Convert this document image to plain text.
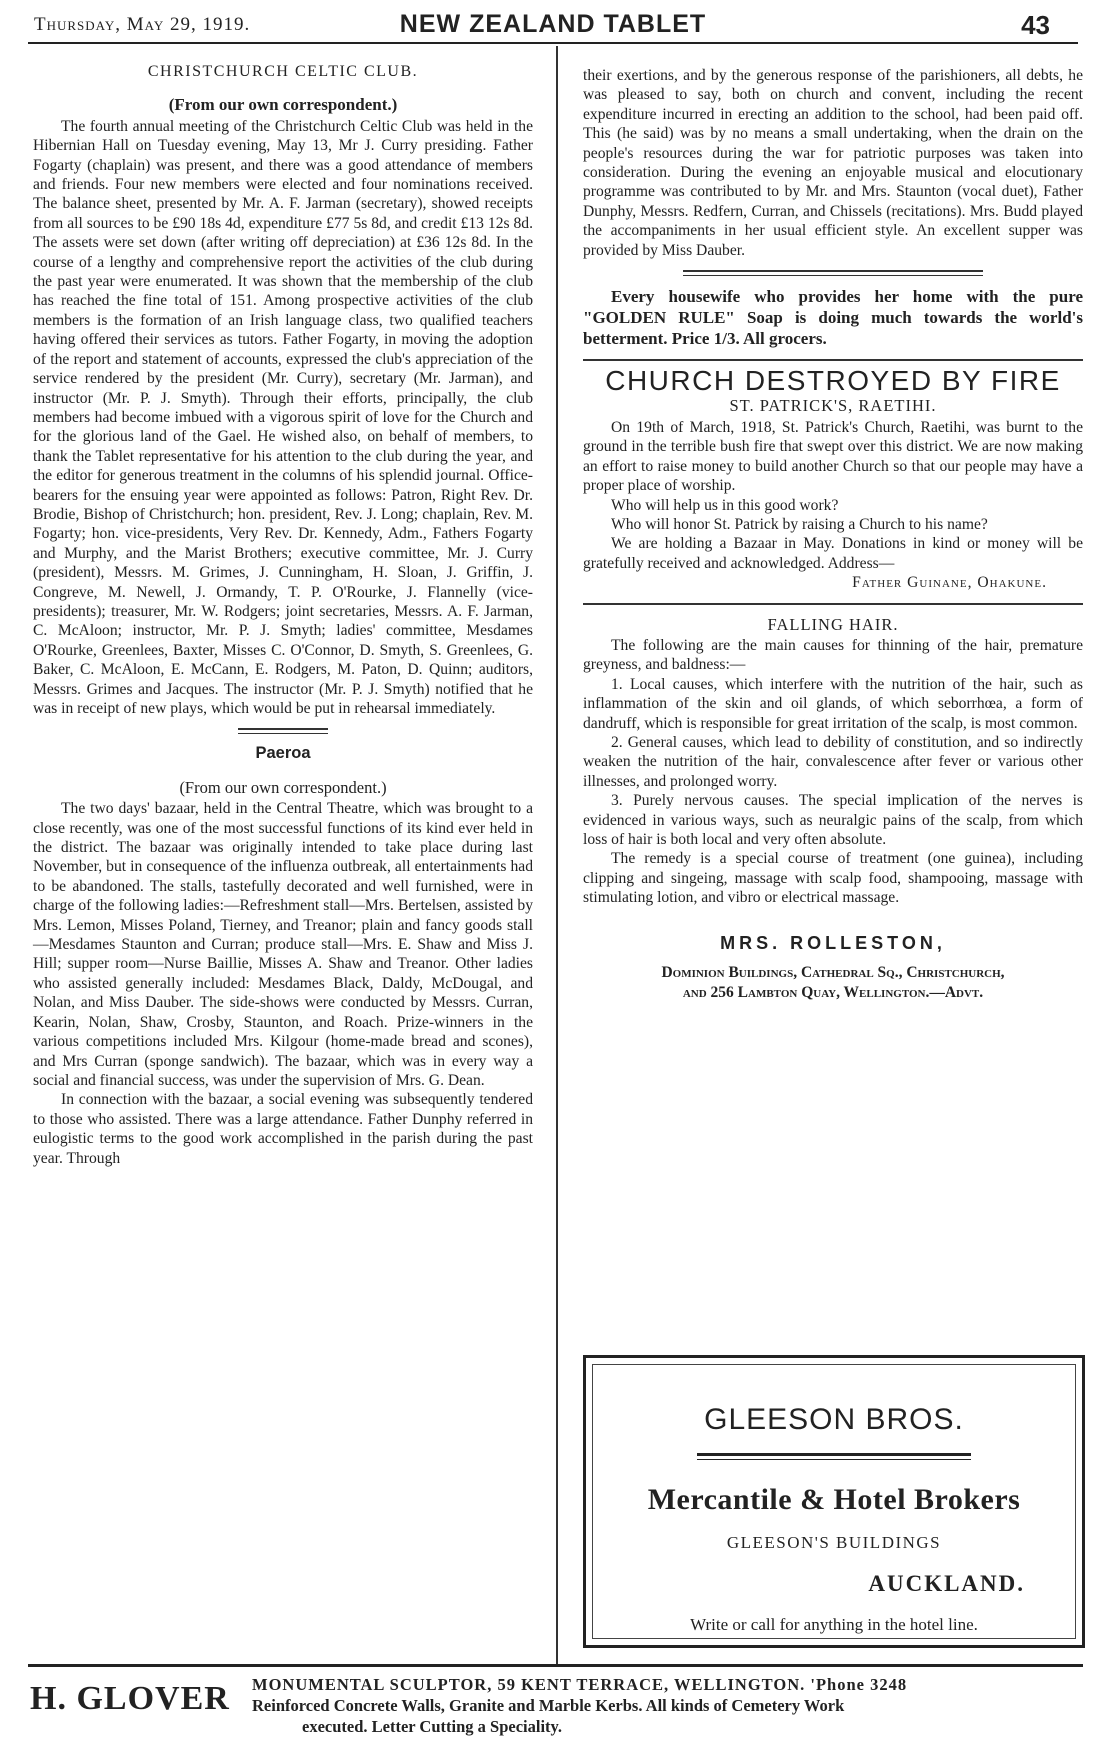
Thursday, May 29, 1919.	NEW ZEALAND TABLET	43
CHRISTCHURCH CELTIC CLUB.
(From our own correspondent.)

The fourth annual meeting of the Christchurch Celtic Club was held in the Hibernian Hall on Tuesday evening, May 13, Mr J. Curry presiding. Father Fogarty (chaplain) was present, and there was a good attendance of members and friends. Four new members were elected and four nominations received. The balance sheet, presented by Mr. A. F. Jarman (secretary), showed receipts from all sources to be £90 18s 4d, expenditure £77 5s 8d, and credit £13 12s 8d. The assets were set down (after writing off depreciation) at £36 12s 8d. In the course of a lengthy and comprehensive report the activities of the club during the past year were enumerated. It was shown that the membership of the club has reached the fine total of 151. Among prospective activities of the club members is the formation of an Irish language class, two qualified teachers having offered their services as tutors. Father Fogarty, in moving the adoption of the report and statement of accounts, expressed the club's appreciation of the service rendered by the president (Mr. Curry), secretary (Mr. Jarman), and instructor (Mr. P. J. Smyth). Through their efforts, principally, the club members had become imbued with a vigorous spirit of love for the Church and for the glorious land of the Gael. He wished also, on behalf of members, to thank the Tablet representative for his attention to the club during the year, and the editor for generous treatment in the columns of his splendid journal. Office-bearers for the ensuing year were appointed as follows: Patron, Right Rev. Dr. Brodie, Bishop of Christchurch; hon. president, Rev. J. Long; chaplain, Rev. M. Fogarty; hon. vice-presidents, Very Rev. Dr. Kennedy, Adm., Fathers Fogarty and Murphy, and the Marist Brothers; executive committee, Mr. J. Curry (president), Messrs. M. Grimes, J. Cunningham, H. Sloan, J. Griffin, J. Congreve, M. Newell, J. Ormandy, T. P. O'Rourke, J. Flannelly (vice-presidents); treasurer, Mr. W. Rodgers; joint secretaries, Messrs. A. F. Jarman, C. McAloon; instructor, Mr. P. J. Smyth; ladies' committee, Mesdames O'Rourke, Greenlees, Baxter, Misses C. O'Connor, D. Smyth, S. Greenlees, G. Baker, C. McAloon, E. McCann, E. Rodgers, M. Paton, D. Quinn; auditors, Messrs. Grimes and Jacques. The instructor (Mr. P. J. Smyth) notified that he was in receipt of new plays, which would be put in rehearsal immediately.

Paeroa
(From our own correspondent.)

The two days' bazaar, held in the Central Theatre, which was brought to a close recently, was one of the most successful functions of its kind ever held in the district. The bazaar was originally intended to take place during last November, but in consequence of the influenza outbreak, all entertainments had to be abandoned. The stalls, tastefully decorated and well furnished, were in charge of the following ladies:—Refreshment stall—Mrs. Bertelsen, assisted by Mrs. Lemon, Misses Poland, Tierney, and Treanor; plain and fancy goods stall—Mesdames Staunton and Curran; produce stall—Mrs. E. Shaw and Miss J. Hill; supper room—Nurse Baillie, Misses A. Shaw and Treanor. Other ladies who assisted generally included: Mesdames Black, Daldy, McDougal, and Nolan, and Miss Dauber. The side-shows were conducted by Messrs. Curran, Kearin, Nolan, Shaw, Crosby, Staunton, and Roach. Prize-winners in the various competitions included Mrs. Kilgour (home-made bread and scones), and Mrs Curran (sponge sandwich). The bazaar, which was in every way a social and financial success, was under the supervision of Mrs. G. Dean.

In connection with the bazaar, a social evening was subsequently tendered to those who assisted. There was a large attendance. Father Dunphy referred in eulogistic terms to the good work accomplished in the parish during the past year. Through

their exertions, and by the generous response of the parishioners, all debts, he was pleased to say, both on church and convent, including the recent expenditure incurred in erecting an addition to the school, had been paid off. This (he said) was by no means a small undertaking, when the drain on the people's resources during the war for patriotic purposes was taken into consideration. During the evening an enjoyable musical and elocutionary programme was contributed to by Mr. and Mrs. Staunton (vocal duet), Father Dunphy, Messrs. Redfern, Curran, and Chissels (recitations). Mrs. Budd played the accompaniments in her usual efficient style. An excellent supper was provided by Miss Dauber.

Every housewife who provides her home with the pure "GOLDEN RULE" Soap is doing much towards the world's betterment. Price 1/3. All grocers.

CHURCH DESTROYED BY FIRE
ST. PATRICK'S, RAETIHI.

On 19th of March, 1918, St. Patrick's Church, Raetihi, was burnt to the ground in the terrible bush fire that swept over this district. We are now making an effort to raise money to build another Church so that our people may have a proper place of worship.

Who will help us in this good work?

Who will honor St. Patrick by raising a Church to his name?

We are holding a Bazaar in May. Donations in kind or money will be gratefully received and acknowledged. Address—

Father Guinane, Ohakune.
FALLING HAIR.

The following are the main causes for thinning of the hair, premature greyness, and baldness:—

1. Local causes, which interfere with the nutrition of the hair, such as inflammation of the skin and oil glands, of which seborrhœa, a form of dandruff, which is responsible for great irritation of the scalp, is most common.

2. General causes, which lead to debility of constitution, and so indirectly weaken the nutrition of the hair, convalescence after fever or various other illnesses, and prolonged worry.

3. Purely nervous causes. The special implication of the nerves is evidenced in various ways, such as neuralgic pains of the scalp, from which loss of hair is both local and very often absolute.

The remedy is a special course of treatment (one guinea), including clipping and singeing, massage with scalp food, shampooing, massage with stimulating lotion, and vibro or electrical massage.

MRS. ROLLESTON,
Dominion Buildings, Cathedral Sq., Christchurch,
and 256 Lambton Quay, Wellington.—Advt.
GLEESON BROS.
Mercantile & Hotel Brokers
GLEESON'S BUILDINGS
AUCKLAND.
Write or call for anything in the hotel line.
H. GLOVER MONUMENTAL SCULPTOR, 59 KENT TERRACE, WELLINGTON. 'Phone 3248
Reinforced Concrete Walls, Granite and Marble Kerbs. All kinds of Cemetery Work
executed. Letter Cutting a Speciality.
